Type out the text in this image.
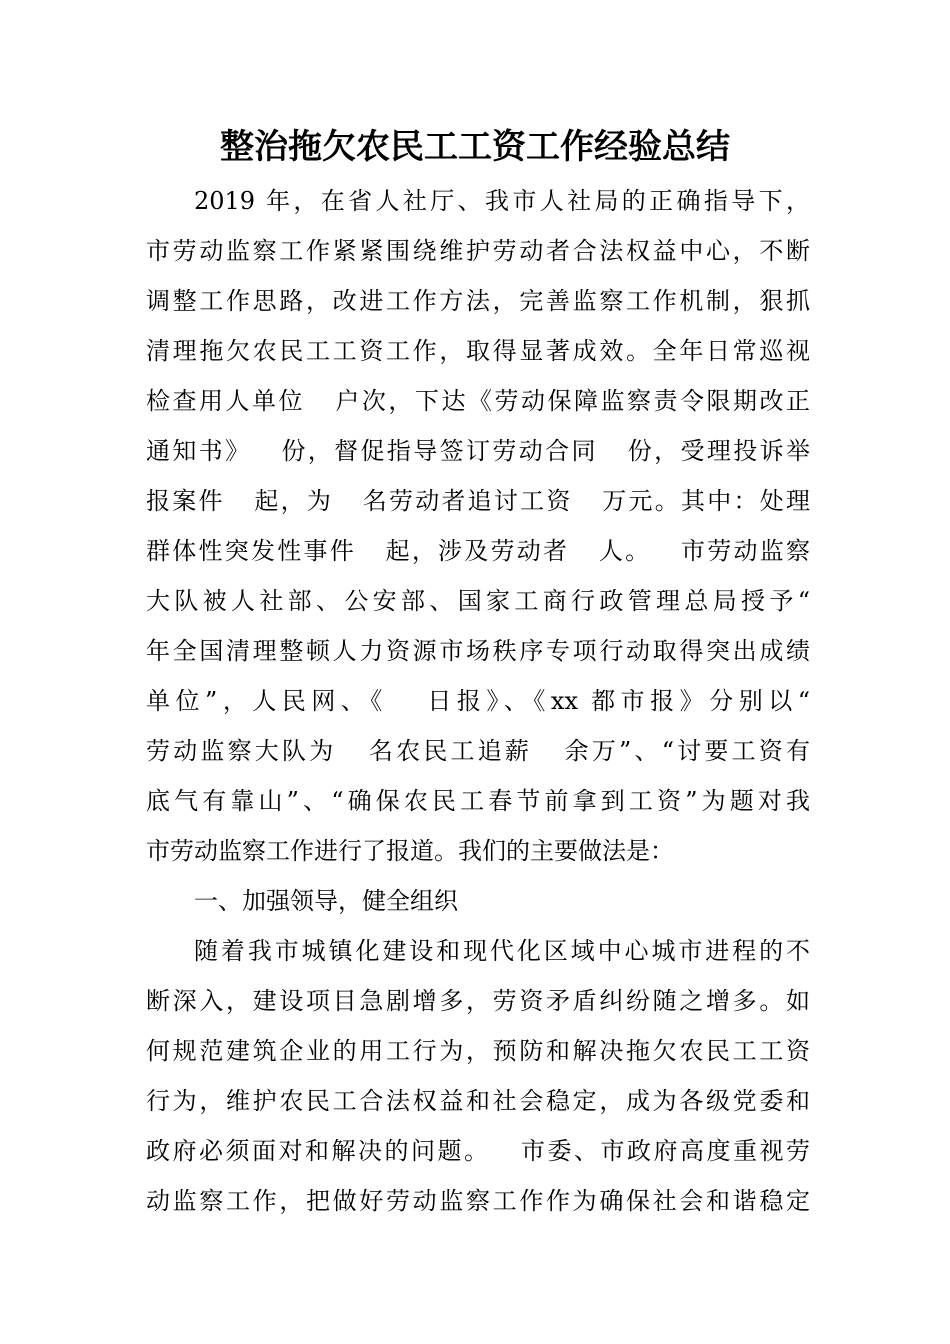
整治拖欠农民工工资工作经验总结
2019 年，在省人社厅、我市人社局的正确指导下，
市劳动监察工作紧紧围绕维护劳动者合法权益中心，不断
调整工作思路，改进工作方法，完善监察工作机制，狠抓
清理拖欠农民工工资工作，取得显著成效。全年日常巡视
检查用人单位   户次，下达《劳动保障监察责令限期改正
通知书》   份，督促指导签订劳动合同   份，受理投诉举
报案件   起，为   名劳动者追讨工资   万元。其中：处理
群体性突发性事件   起，涉及劳动者   人。   市劳动监察
大队被人社部、公安部、国家工商行政管理总局授予“
年全国清理整顿人力资源市场秩序专项行动取得突出成绩
单位”，人民网、《   日报》、《xx 都市报》分别以“
劳动监察大队为   名农民工追薪   余万”、“讨要工资有
底气有靠山”、“确保农民工春节前拿到工资”为题对我
市劳动监察工作进行了报道。我们的主要做法是：
一、加强领导，健全组织
随着我市城镇化建设和现代化区域中心城市进程的不
断深入，建设项目急剧增多，劳资矛盾纠纷随之增多。如
何规范建筑企业的用工行为，预防和解决拖欠农民工工资
行为，维护农民工合法权益和社会稳定，成为各级党委和
政府必须面对和解决的问题。   市委、市政府高度重视劳
动监察工作，把做好劳动监察工作作为确保社会和谐稳定
